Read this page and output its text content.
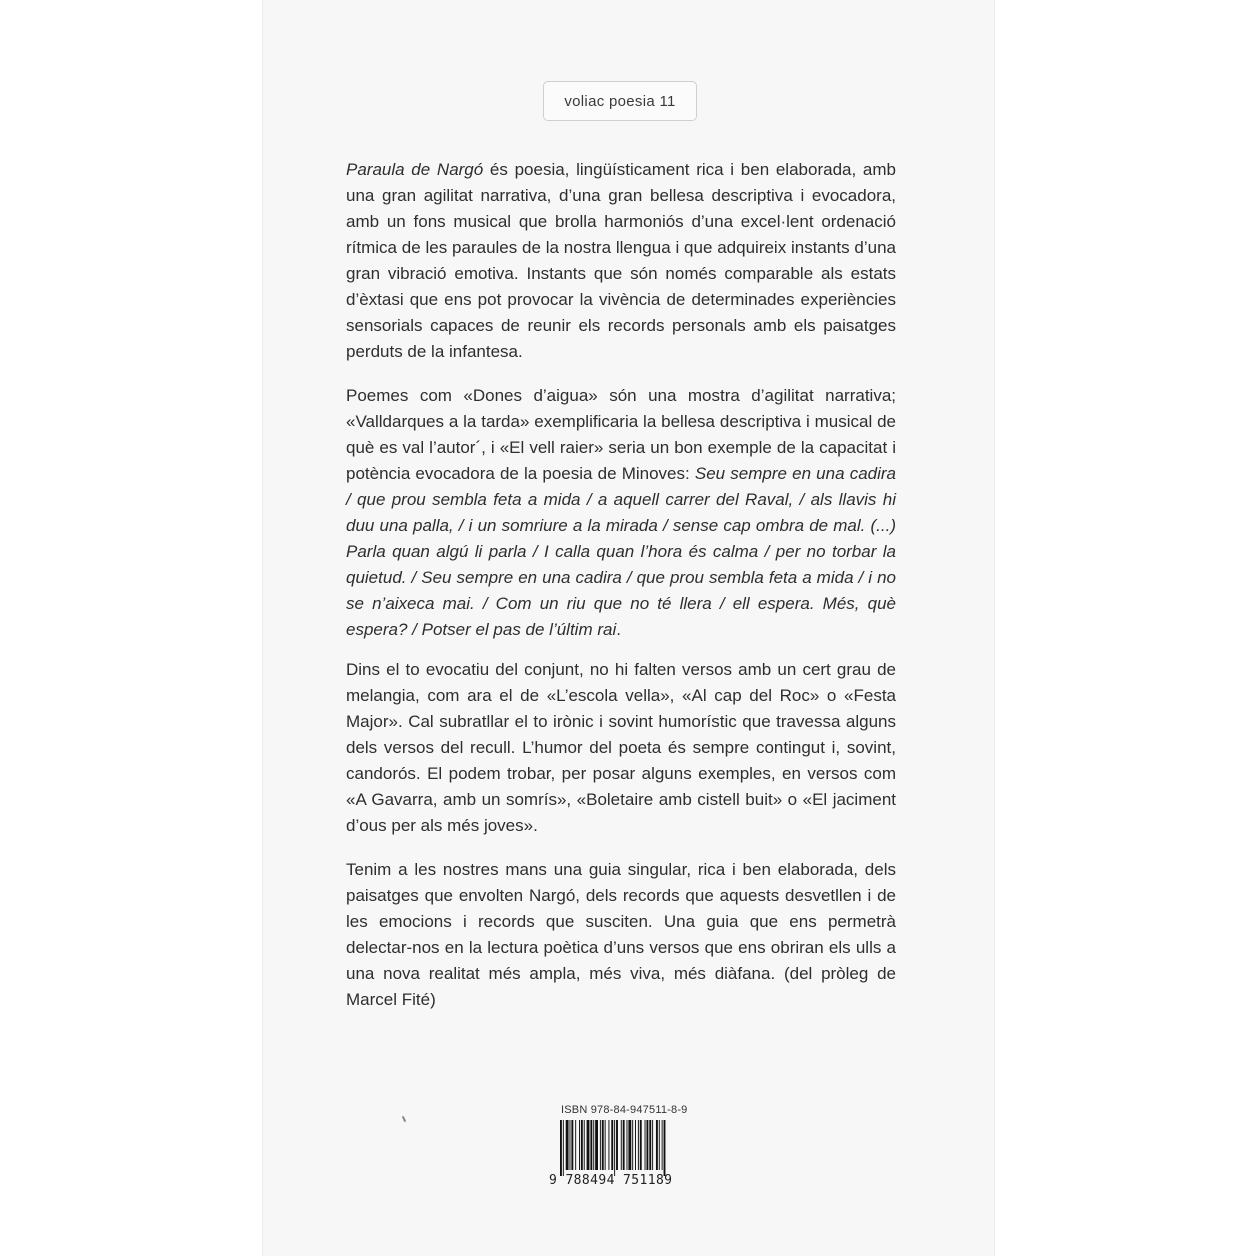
voliac poesia 11

Paraula de Nargó és poesia, lingüísticament rica i ben elaborada, amb una gran agilitat narrativa, d’una gran bellesa descriptiva i evocadora, amb un fons musical que brolla harmoniós d’una excel·lent ordenació rítmica de les paraules de la nostra llengua i que adquireix instants d’una gran vibració emotiva. Instants que són només comparable als estats d’èxtasi que ens pot provocar la vivència de determinades experiències sensorials capaces de reunir els records personals amb els paisatges perduts de la infantesa.

Poemes com «Dones d’aigua» són una mostra d’agilitat narrativa; «Valldarques a la tarda» exemplificaria la bellesa descriptiva i musical de què es val l’autor´, i «El vell raier» seria un bon exemple de la capacitat i potència evocadora de la poesia de Minoves: Seu sempre en una cadira / que prou sembla feta a mida / a aquell carrer del Raval, / als llavis hi duu una palla, / i un somriure a la mirada / sense cap ombra de mal. (...) Parla quan algú li parla / I calla quan l’hora és calma / per no torbar la quietud. / Seu sempre en una cadira / que prou sembla feta a mida / i no se n’aixeca mai. / Com un riu que no té llera / ell espera. Més, què espera? / Potser el pas de l’últim rai.

Dins el to evocatiu del conjunt, no hi falten versos amb un cert grau de melangia, com ara el de «L’escola vella», «Al cap del Roc» o «Festa Major». Cal subratllar el to irònic i sovint humorístic que travessa alguns dels versos del recull. L’humor del poeta és sempre contingut i, sovint, candorós. El podem trobar, per posar alguns exemples, en versos com «A Gavarra, amb un somrís», «Boletaire amb cistell buit» o «El jaciment d’ous per als més joves».

Tenim a les nostres mans una guia singular, rica i ben elaborada, dels paisatges que envolten Nargó, dels records que aquests desvetllen i de les emocions i records que susciten. Una guia que ens permetrà delectar-nos en la lectura poètica d’uns versos que ens obriran els ulls a una nova realitat més ampla, més viva, més diàfana. (del pròleg de Marcel Fité)

ISBN 978-84-947511-8-9
9 788494 751189
